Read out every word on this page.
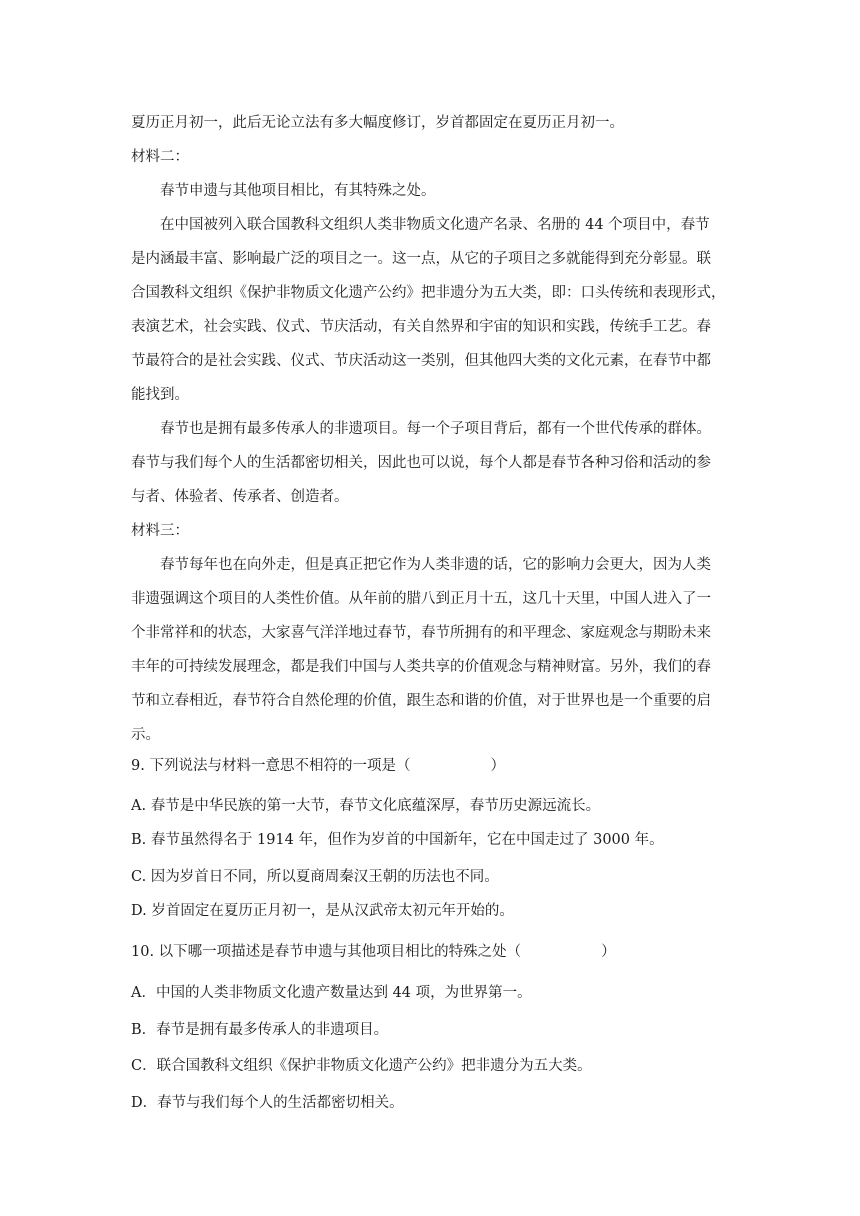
夏历正月初一，此后无论立法有多大幅度修订，岁首都固定在夏历正月初一。
材料二：
春节申遗与其他项目相比，有其特殊之处。
在中国被列入联合国教科文组织人类非物质文化遗产名录、名册的 44 个项目中，春节
是内涵最丰富、影响最广泛的项目之一。这一点，从它的子项目之多就能得到充分彰显。联
合国教科文组织《保护非物质文化遗产公约》把非遗分为五大类，即：口头传统和表现形式，
表演艺术，社会实践、仪式、节庆活动，有关自然界和宇宙的知识和实践，传统手工艺。春
节最符合的是社会实践、仪式、节庆活动这一类别，但其他四大类的文化元素，在春节中都
能找到。
春节也是拥有最多传承人的非遗项目。每一个子项目背后，都有一个世代传承的群体。
春节与我们每个人的生活都密切相关，因此也可以说，每个人都是春节各种习俗和活动的参
与者、体验者、传承者、创造者。
材料三：
春节每年也在向外走，但是真正把它作为人类非遗的话，它的影响力会更大，因为人类
非遗强调这个项目的人类性价值。从年前的腊八到正月十五，这几十天里，中国人进入了一
个非常祥和的状态，大家喜气洋洋地过春节，春节所拥有的和平理念、家庭观念与期盼未来
丰年的可持续发展理念，都是我们中国与人类共享的价值观念与精神财富。另外，我们的春
节和立春相近，春节符合自然伦理的价值，跟生态和谐的价值，对于世界也是一个重要的启
示。
9. 下列说法与材料一意思不相符的一项是（	）
A. 春节是中华民族的第一大节，春节文化底蕴深厚，春节历史源远流长。
B. 春节虽然得名于 1914 年，但作为岁首的中国新年，它在中国走过了 3000 年。
C. 因为岁首日不同，所以夏商周秦汉王朝的历法也不同。
D. 岁首固定在夏历正月初一，是从汉武帝太初元年开始的。
10. 以下哪一项描述是春节申遗与其他项目相比的特殊之处（	）
A．中国的人类非物质文化遗产数量达到 44 项，为世界第一。
B．春节是拥有最多传承人的非遗项目。
C．联合国教科文组织《保护非物质文化遗产公约》把非遗分为五大类。
D．春节与我们每个人的生活都密切相关。
